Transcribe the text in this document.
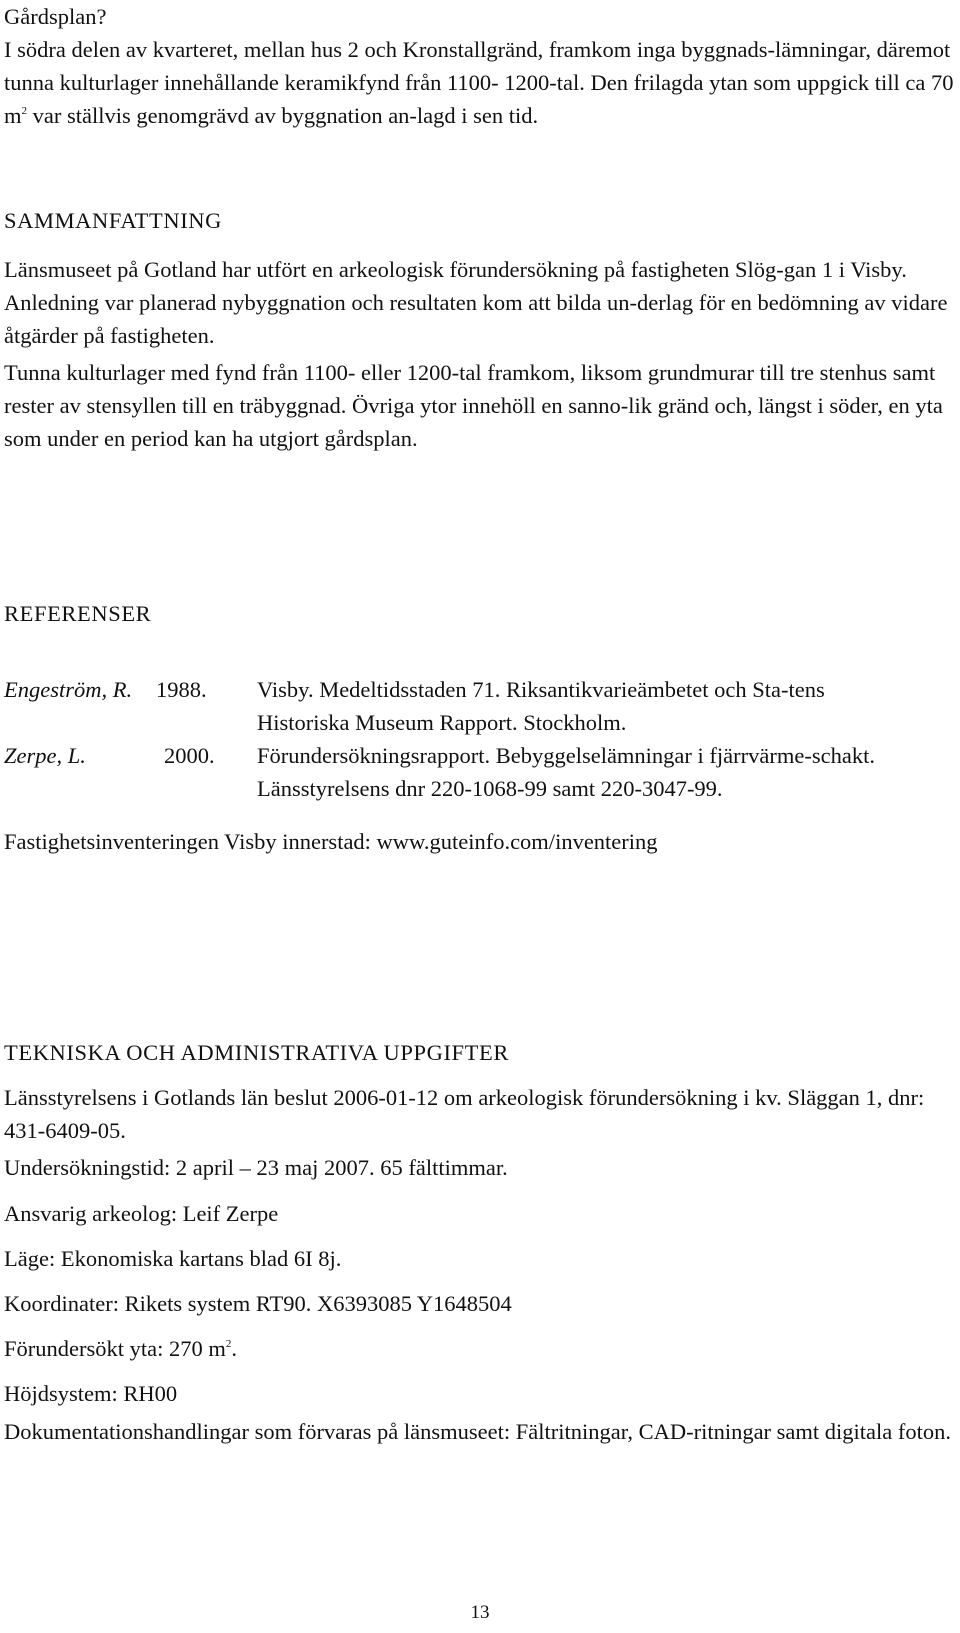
Gårdsplan?

I södra delen av kvarteret, mellan hus 2 och Kronstallgränd, framkom inga byggnads-lämningar, däremot tunna kulturlager innehållande keramikfynd från 1100- 1200-tal. Den frilagda ytan som uppgick till ca 70 $m^2$ var ställvis genomgrävd av byggnation an-lagd i sen tid.

SAMMANFATTNING

Länsmuseet på Gotland har utfört en arkeologisk förundersökning på fastigheten Slög-gan 1 i Visby. Anledning var planerad nybyggnation och resultaten kom att bilda un-derlag för en bedömning av vidare åtgärder på fastigheten.

Tunna kulturlager med fynd från 1100- eller 1200-tal framkom, liksom grundmurar till tre stenhus samt rester av stensyllen till en träbyggnad. Övriga ytor innehöll en sanno-lik gränd och, längst i söder, en yta som under en period kan ha utgjort gårdsplan.

REFERENSER
Engeström, R. 1988. Visby. Medeltidsstaden 71. Riksantikvarieämbetet och Sta-tens Historiska Museum Rapport. Stockholm.
Zerpe, L.	2000. Förundersökningsrapport. Bebyggelselämningar i fjärrvärme-schakt. Länsstyrelsens dnr 220-1068-99 samt 220-3047-99.

Fastighetsinventeringen Visby innerstad: www.guteinfo.com/inventering

TEKNISKA OCH ADMINISTRATIVA UPPGIFTER
Länsstyrelsens i Gotlands län beslut 2006-01-12 om arkeologisk förundersökning i kv. Släggan 1, dnr: 431-6409-05.
Undersökningstid: 2 april – 23 maj 2007. 65 fälttimmar.
Ansvarig arkeolog: Leif Zerpe
Läge: Ekonomiska kartans blad 6I 8j.
Koordinater: Rikets system RT90. X6393085 Y1648504
Förundersökt yta: 270 $m^2$.
Höjdsystem: RH00
Dokumentationshandlingar som förvaras på länsmuseet: Fältritningar, CAD-ritningar samt digitala foton.
13
